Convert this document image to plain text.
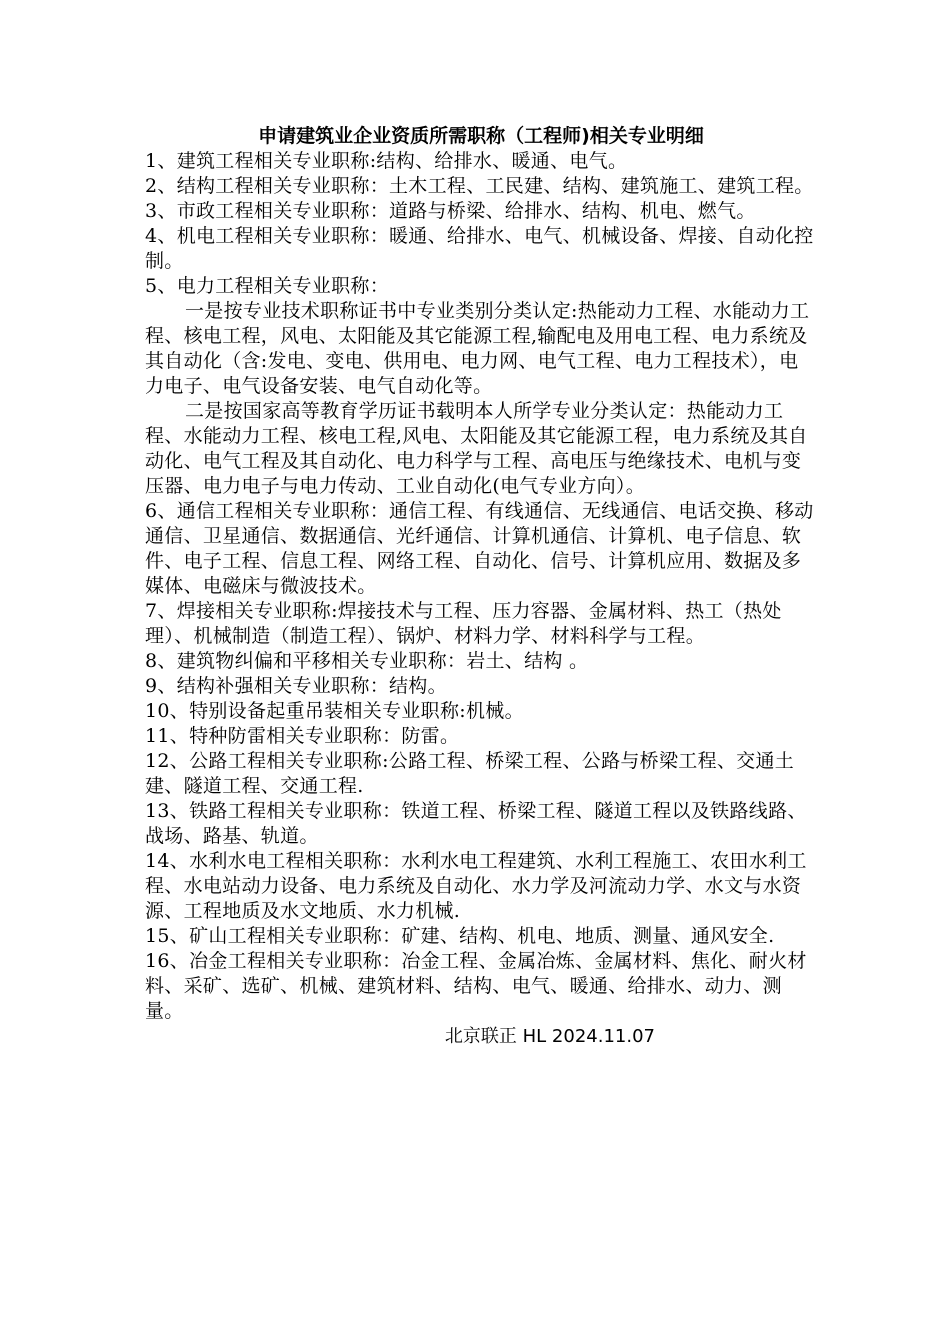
申请建筑业企业资质所需职称（工程师)相关专业明细

1、建筑工程相关专业职称:结构、给排水、暖通、电气。

2、结构工程相关专业职称：土木工程、工民建、结构、建筑施工、建筑工程。

3、市政工程相关专业职称：道路与桥梁、给排水、结构、机电、燃气。

4、机电工程相关专业职称：暖通、给排水、电气、机械设备、焊接、自动化控制。

5、电力工程相关专业职称：

一是按专业技术职称证书中专业类别分类认定:热能动力工程、水能动力工程、核电工程，风电、太阳能及其它能源工程,输配电及用电工程、电力系统及其自动化（含:发电、变电、供用电、电力网、电气工程、电力工程技术），电力电子、电气设备安装、电气自动化等。

二是按国家高等教育学历证书载明本人所学专业分类认定：热能动力工程、水能动力工程、核电工程,风电、太阳能及其它能源工程，电力系统及其自动化、电气工程及其自动化、电力科学与工程、高电压与绝缘技术、电机与变压器、电力电子与电力传动、工业自动化(电气专业方向）。

6、通信工程相关专业职称：通信工程、有线通信、无线通信、电话交换、移动通信、卫星通信、数据通信、光纤通信、计算机通信、计算机、电子信息、软件、电子工程、信息工程、网络工程、自动化、信号、计算机应用、数据及多媒体、电磁床与微波技术。

7、焊接相关专业职称:焊接技术与工程、压力容器、金属材料、热工（热处理）、机械制造（制造工程）、锅炉、材料力学、材料科学与工程。

8、建筑物纠偏和平移相关专业职称：岩土、结构 。

9、结构补强相关专业职称：结构。

10、特别设备起重吊装相关专业职称:机械。

11、特种防雷相关专业职称：防雷。

12、公路工程相关专业职称:公路工程、桥梁工程、公路与桥梁工程、交通土建、隧道工程、交通工程.

13、铁路工程相关专业职称：铁道工程、桥梁工程、隧道工程以及铁路线路、战场、路基、轨道。

14、水利水电工程相关职称：水利水电工程建筑、水利工程施工、农田水利工程、水电站动力设备、电力系统及自动化、水力学及河流动力学、水文与水资源、工程地质及水文地质、水力机械.

15、矿山工程相关专业职称：矿建、结构、机电、地质、测量、通风安全.

16、冶金工程相关专业职称：冶金工程、金属冶炼、金属材料、焦化、耐火材料、采矿、选矿、机械、建筑材料、结构、电气、暖通、给排水、动力、测量。

北京联正 HL 2024.11.07
